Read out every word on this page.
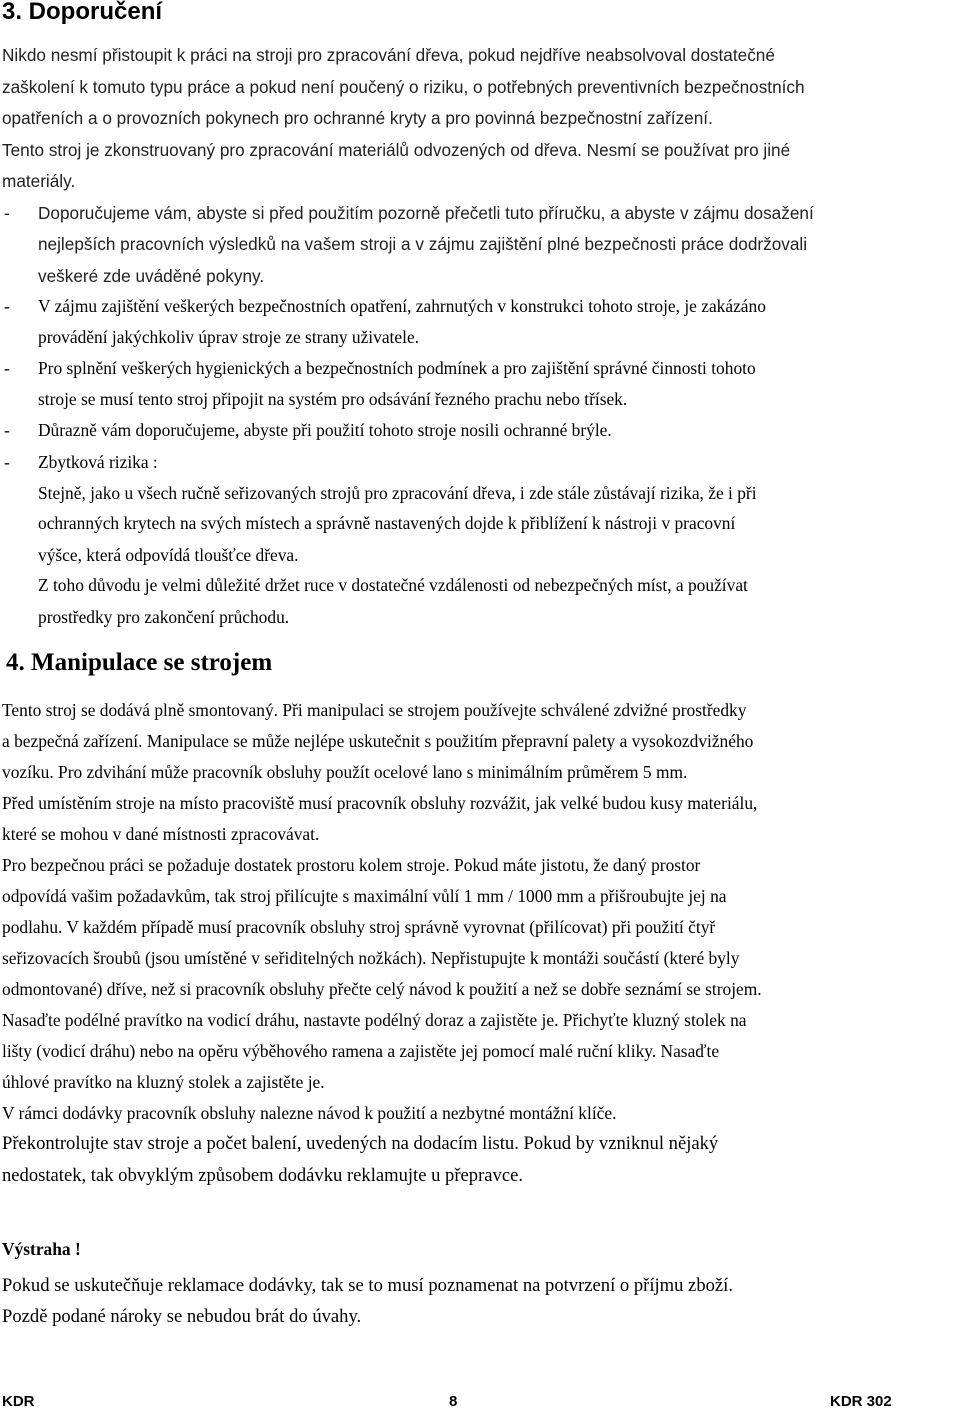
3. Doporučení
Nikdo nesmí přistoupit k práci na stroji pro zpracování dřeva, pokud nejdříve neabsolvoval dostatečné
zaškolení k tomuto typu práce a pokud není poučený o riziku, o potřebných preventivních bezpečnostních
opatřeních a o provozních pokynech pro ochranné kryty a pro povinná bezpečnostní zařízení.
Tento stroj je zkonstruovaný pro zpracování materiálů odvozených od dřeva. Nesmí se používat pro jiné
materiály.
- Doporučujeme vám, abyste si před použitím pozorně přečetli tuto příručku, a abyste v zájmu dosažení
nejlepších pracovních výsledků na vašem stroji a v zájmu zajištění plné bezpečnosti práce dodržovali
veškeré zde uváděné pokyny.
- V zájmu zajištění veškerých bezpečnostních opatření, zahrnutých v konstrukci tohoto stroje, je zakázáno
provádění jakýchkoliv úprav stroje ze strany uživatele.
- Pro splnění veškerých hygienických a bezpečnostních podmínek a pro zajištění správné činnosti tohoto
stroje se musí tento stroj připojit na systém pro odsávání řezného prachu nebo třísek.
- Důrazně vám doporučujeme, abyste při použití tohoto stroje nosili ochranné brýle.
- Zbytková rizika :
Stejně, jako u všech ručně seřizovaných strojů pro zpracování dřeva, i zde stále zůstávají rizika, že i při
ochranných krytech na svých místech a správně nastavených dojde k přiblížení k nástroji v pracovní
výšce, která odpovídá tloušťce dřeva.
Z toho důvodu je velmi důležité držet ruce v dostatečné vzdálenosti od nebezpečných míst, a používat
prostředky pro zakončení průchodu.
4. Manipulace se strojem
Tento stroj se dodává plně smontovaný. Při manipulaci se strojem používejte schválené zdvižné prostředky
a bezpečná zařízení. Manipulace se může nejlépe uskutečnit s použitím přepravní palety a vysokozdvižného
vozíku. Pro zdvihání může pracovník obsluhy použít ocelové lano s minimálním průměrem 5 mm.
Před umístěním stroje na místo pracoviště musí pracovník obsluhy rozvážit, jak velké budou kusy materiálu,
které se mohou v dané místnosti zpracovávat.
Pro bezpečnou práci se požaduje dostatek prostoru kolem stroje. Pokud máte jistotu, že daný prostor
odpovídá vašim požadavkům, tak stroj přilícujte s maximální vůlí 1 mm / 1000 mm a přišroubujte jej na
podlahu. V každém případě musí pracovník obsluhy stroj správně vyrovnat (přilícovat) při použití čtyř
seřizovacích šroubů (jsou umístěné v seřiditelných nožkách). Nepřistupujte k montáži součástí (které byly
odmontované) dříve, než si pracovník obsluhy přečte celý návod k použití a než se dobře seznámí se strojem.
Nasaďte podélné pravítko na vodicí dráhu, nastavte podélný doraz a zajistěte je. Přichyťte kluzný stolek na
lišty (vodicí dráhu) nebo na opěru výběhového ramena a zajistěte jej pomocí malé ruční kliky. Nasaďte
úhlové pravítko na kluzný stolek a zajistěte je.
V rámci dodávky pracovník obsluhy nalezne návod k použití a nezbytné montážní klíče.
Překontrolujte stav stroje a počet balení, uvedených na dodacím listu. Pokud by vzniknul nějaký
nedostatek, tak obvyklým způsobem dodávku reklamujte u přepravce.
Výstraha !
Pokud se uskutečňuje reklamace dodávky, tak se to musí poznamenat na potvrzení o příjmu zboží.
Pozdě podané nároky se nebudou brát do úvahy.
KDR	8	KDR 302
